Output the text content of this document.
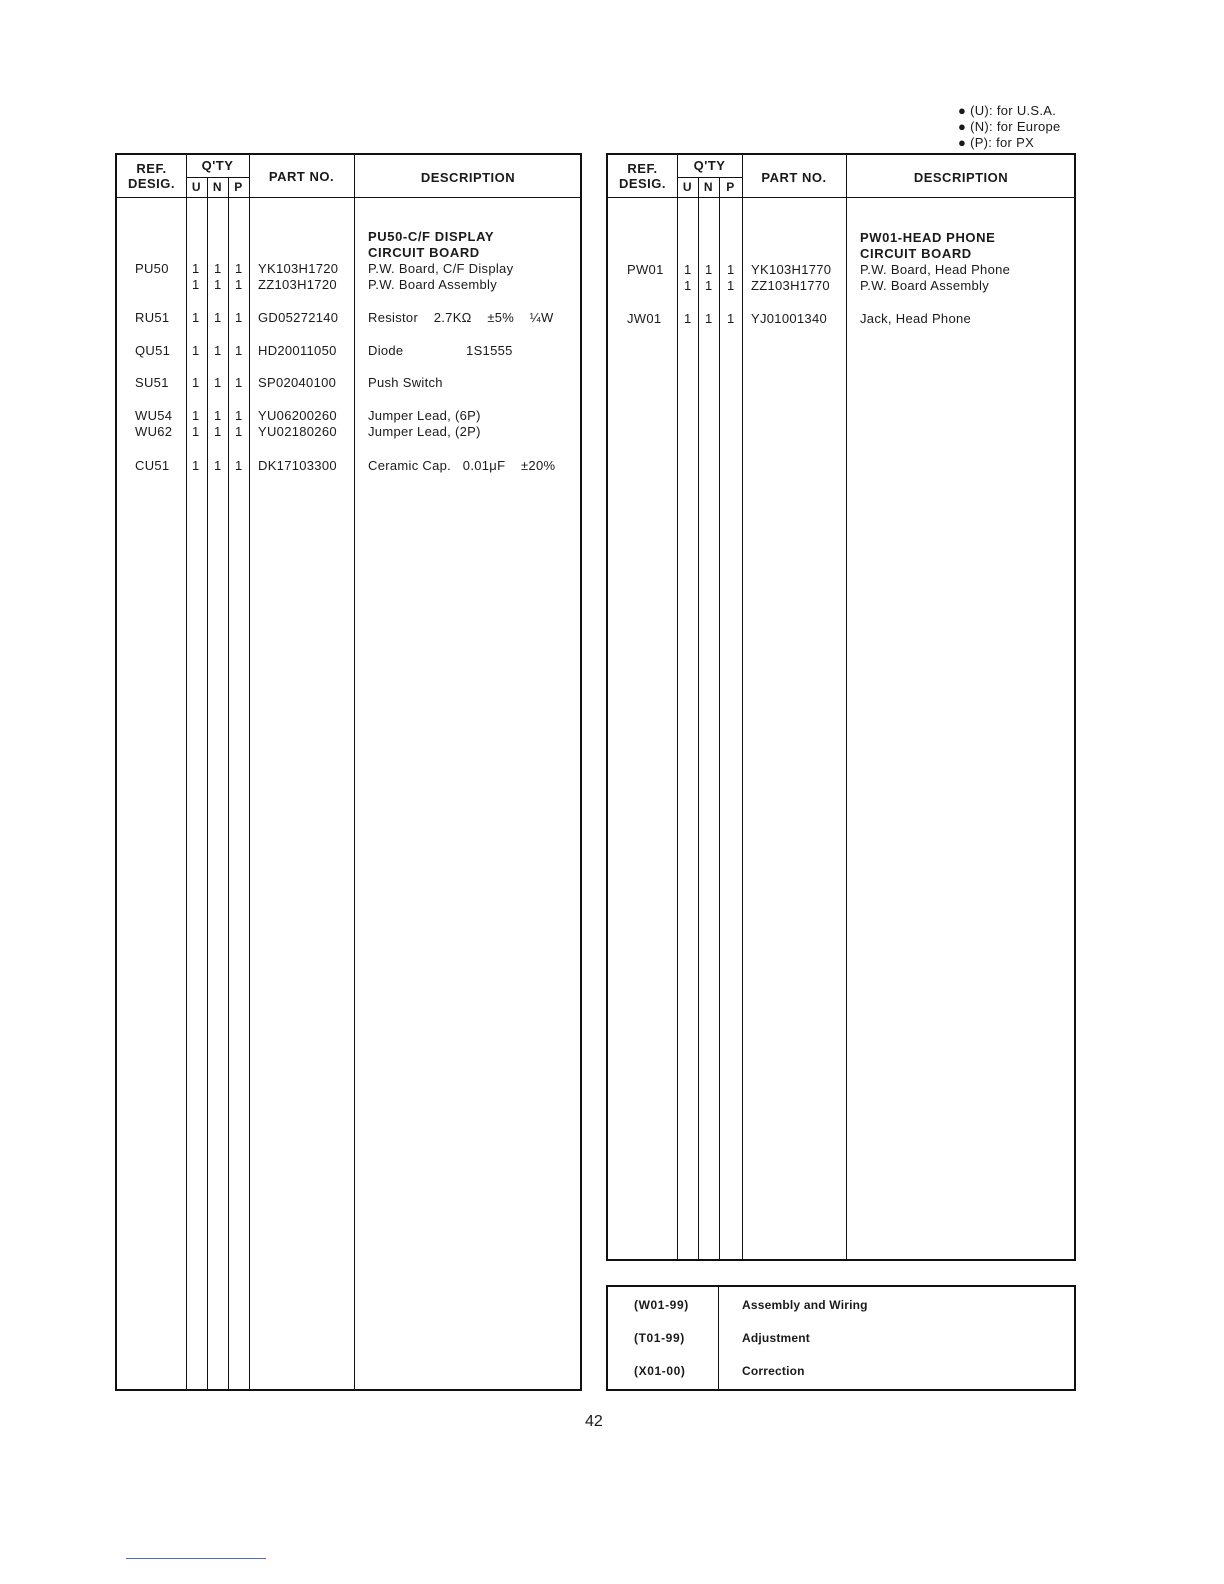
● (U): for U.S.A.
● (N): for Europe
● (P): for PX
REF.
DESIG.
Q'TY
U N	P
PART NO.	DESCRIPTION
PU50-C/F DISPLAY
CIRCUIT BOARD
PU50 1 1 1 YK103H1720 P.W. Board, C/F Display
1 1 1 ZZ103H1720 P.W. Board Assembly
RU51 1 1 1 GD05272140 Resistor    2.7KΩ    ±5%    ¼W
QU51 1 1 1 HD20011050 Diode                1S1555
SU51 1 1 1 SP02040100 Push Switch
WU54 1 1 1 YU06200260 Jumper Lead, (6P)
WU62 1 1 1 YU02180260 Jumper Lead, (2P)
CU51 1 1 1 DK17103300 Ceramic Cap.   0.01μF    ±20%
REF.
DESIG.
Q'TY
U N	P
PART NO.	DESCRIPTION
PW01-HEAD PHONE
CIRCUIT BOARD
PW01 1 1 1 YK103H1770 P.W. Board, Head Phone
1 1 1 ZZ103H1770 P.W. Board Assembly
JW01 1 1 1 YJ01001340	Jack, Head Phone
(W01-99)	Assembly and Wiring
(T01-99)	Adjustment
(X01-00)	Correction
42
